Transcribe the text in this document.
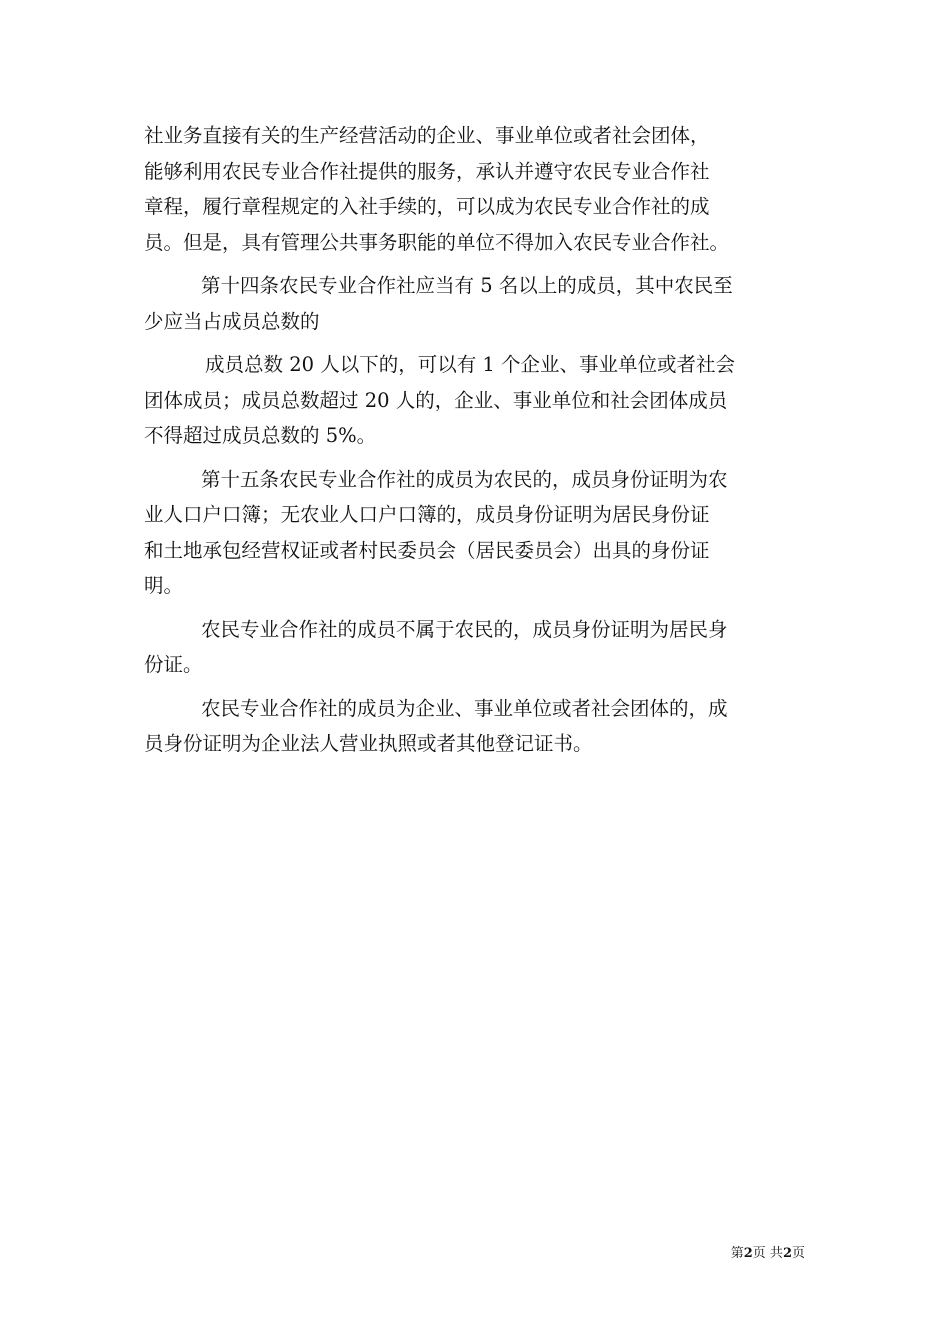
社业务直接有关的生产经营活动的企业、事业单位或者社会团体，
能够利用农民专业合作社提供的服务，承认并遵守农民专业合作社
章程，履行章程规定的入社手续的，可以成为农民专业合作社的成
员。但是，具有管理公共事务职能的单位不得加入农民专业合作社。
第十四条农民专业合作社应当有 5 名以上的成员，其中农民至
少应当占成员总数的
成员总数 20 人以下的，可以有 1 个企业、事业单位或者社会
团体成员；成员总数超过 20 人的，企业、事业单位和社会团体成员
不得超过成员总数的 5%。
第十五条农民专业合作社的成员为农民的，成员身份证明为农
业人口户口簿；无农业人口户口簿的，成员身份证明为居民身份证
和土地承包经营权证或者村民委员会（居民委员会）出具的身份证
明。
农民专业合作社的成员不属于农民的，成员身份证明为居民身
份证。
农民专业合作社的成员为企业、事业单位或者社会团体的，成
员身份证明为企业法人营业执照或者其他登记证书。
第2页 共2页
